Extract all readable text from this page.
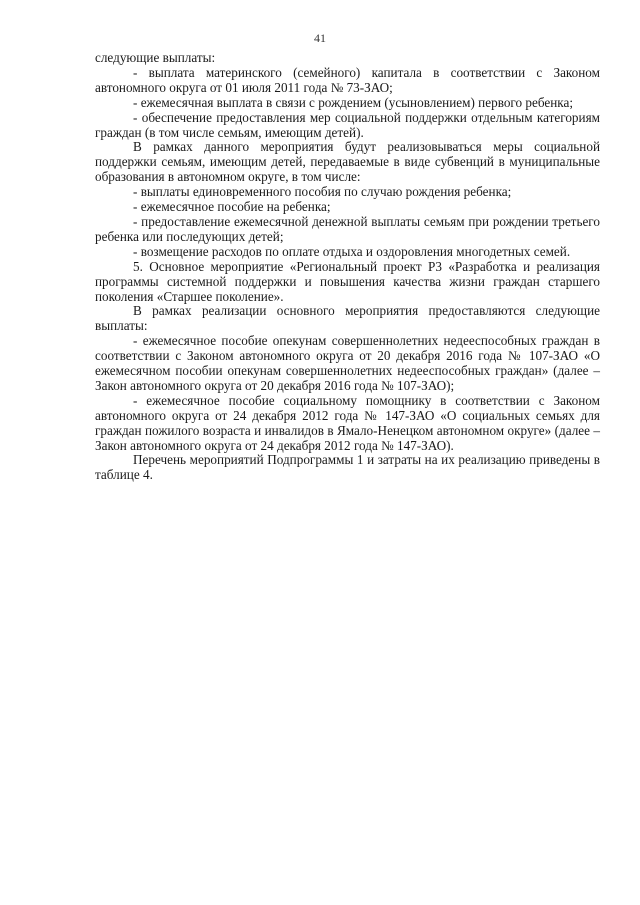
41

следующие выплаты:

- выплата материнского (семейного) капитала в соответствии с Законом автономного округа от 01 июля 2011 года № 73-ЗАО;

- ежемесячная выплата в связи с рождением (усыновлением) первого ребенка;

- обеспечение предоставления мер социальной поддержки отдельным категориям граждан (в том числе семьям, имеющим детей).

В рамках данного мероприятия будут реализовываться меры социальной поддержки семьям, имеющим детей, передаваемые в виде субвенций в муниципальные образования в автономном округе, в том числе:

- выплаты единовременного пособия по случаю рождения ребенка;

- ежемесячное пособие на ребенка;

- предоставление ежемесячной денежной выплаты семьям при рождении третьего ребенка или последующих детей;

- возмещение расходов по оплате отдыха и оздоровления многодетных семей.

5. Основное мероприятие «Региональный проект Р3 «Разработка и реализация программы системной поддержки и повышения качества жизни граждан старшего поколения «Старшее поколение».

В рамках реализации основного мероприятия предоставляются следующие выплаты:

- ежемесячное пособие опекунам совершеннолетних недееспособных граждан в соответствии с Законом автономного округа от 20 декабря 2016 года № 107-ЗАО «О ежемесячном пособии опекунам совершеннолетних недееспособных граждан» (далее – Закон автономного округа от 20 декабря 2016 года № 107-ЗАО);

- ежемесячное пособие социальному помощнику в соответствии с Законом автономного округа от 24 декабря 2012 года № 147-ЗАО «О социальных семьях для граждан пожилого возраста и инвалидов в Ямало-Ненецком автономном округе» (далее – Закон автономного округа от 24 декабря 2012 года № 147-ЗАО).

Перечень мероприятий Подпрограммы 1 и затраты на их реализацию приведены в таблице 4.
